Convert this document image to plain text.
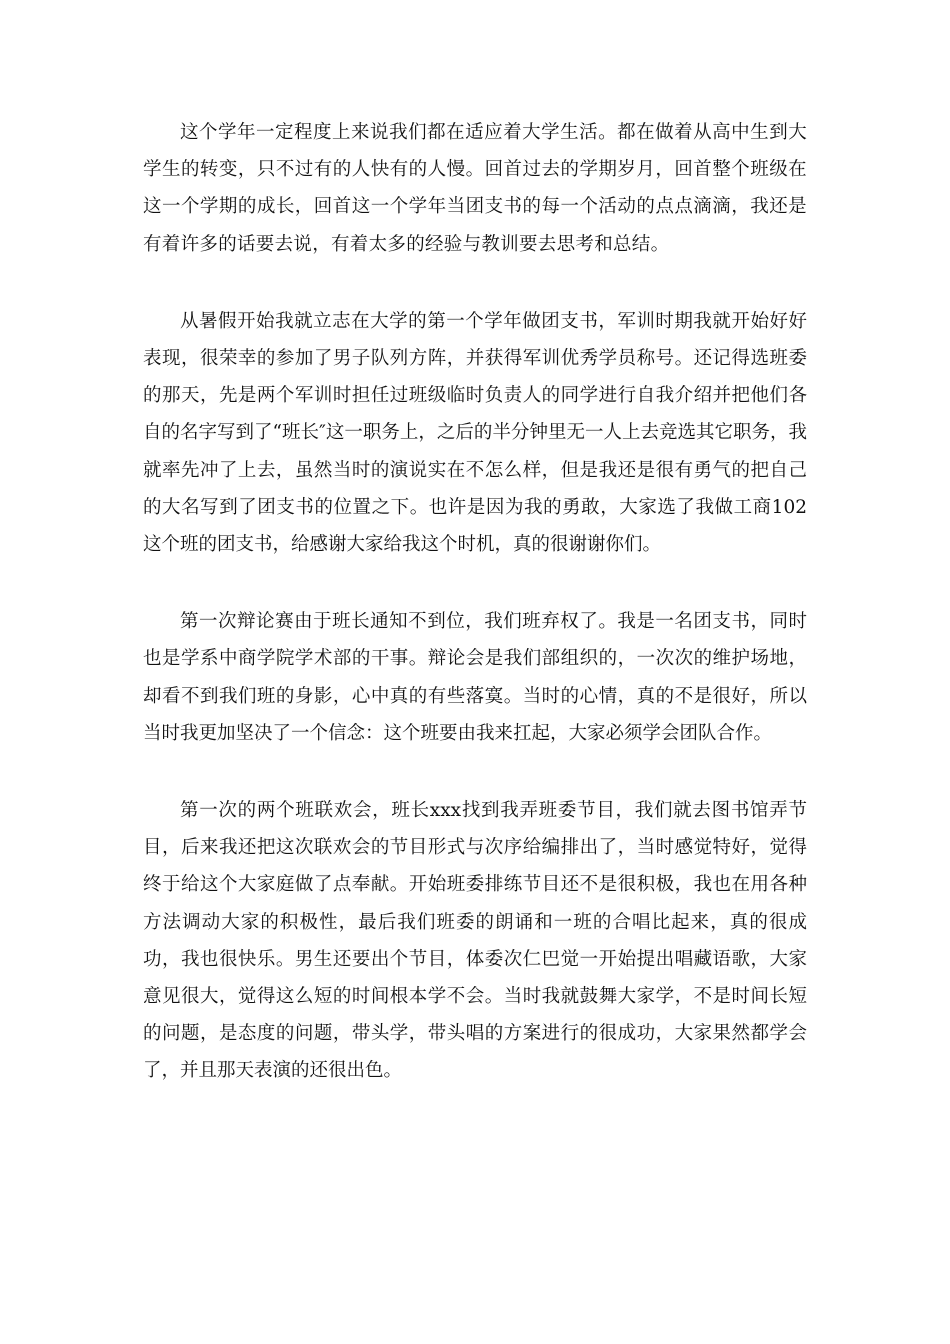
这个学年一定程度上来说我们都在适应着大学生活。都在做着从高中生到大学生的转变，只不过有的人快有的人慢。回首过去的学期岁月，回首整个班级在这一个学期的成长，回首这一个学年当团支书的每一个活动的点点滴滴，我还是有着许多的话要去说，有着太多的经验与教训要去思考和总结。

从暑假开始我就立志在大学的第一个学年做团支书，军训时期我就开始好好表现，很荣幸的参加了男子队列方阵，并获得军训优秀学员称号。还记得选班委的那天，先是两个军训时担任过班级临时负责人的同学进行自我介绍并把他们各自的名字写到了“班长″这一职务上，之后的半分钟里无一人上去竞选其它职务，我就率先冲了上去，虽然当时的演说实在不怎么样，但是我还是很有勇气的把自己的大名写到了团支书的位置之下。也许是因为我的勇敢，大家选了我做工商102这个班的团支书，给感谢大家给我这个时机，真的很谢谢你们。

第一次辩论赛由于班长通知不到位，我们班弃权了。我是一名团支书，同时也是学系中商学院学术部的干事。辩论会是我们部组织的，一次次的维护场地，却看不到我们班的身影，心中真的有些落寞。当时的心情，真的不是很好，所以当时我更加坚决了一个信念：这个班要由我来扛起，大家必须学会团队合作。

第一次的两个班联欢会，班长xxx找到我弄班委节目，我们就去图书馆弄节目，后来我还把这次联欢会的节目形式与次序给编排出了，当时感觉特好，觉得终于给这个大家庭做了点奉献。开始班委排练节目还不是很积极，我也在用各种方法调动大家的积极性，最后我们班委的朗诵和一班的合唱比起来，真的很成功，我也很快乐。男生还要出个节目，体委次仁巴觉一开始提出唱藏语歌，大家意见很大，觉得这么短的时间根本学不会。当时我就鼓舞大家学，不是时间长短的问题，是态度的问题，带头学，带头唱的方案进行的很成功，大家果然都学会了，并且那天表演的还很出色。
